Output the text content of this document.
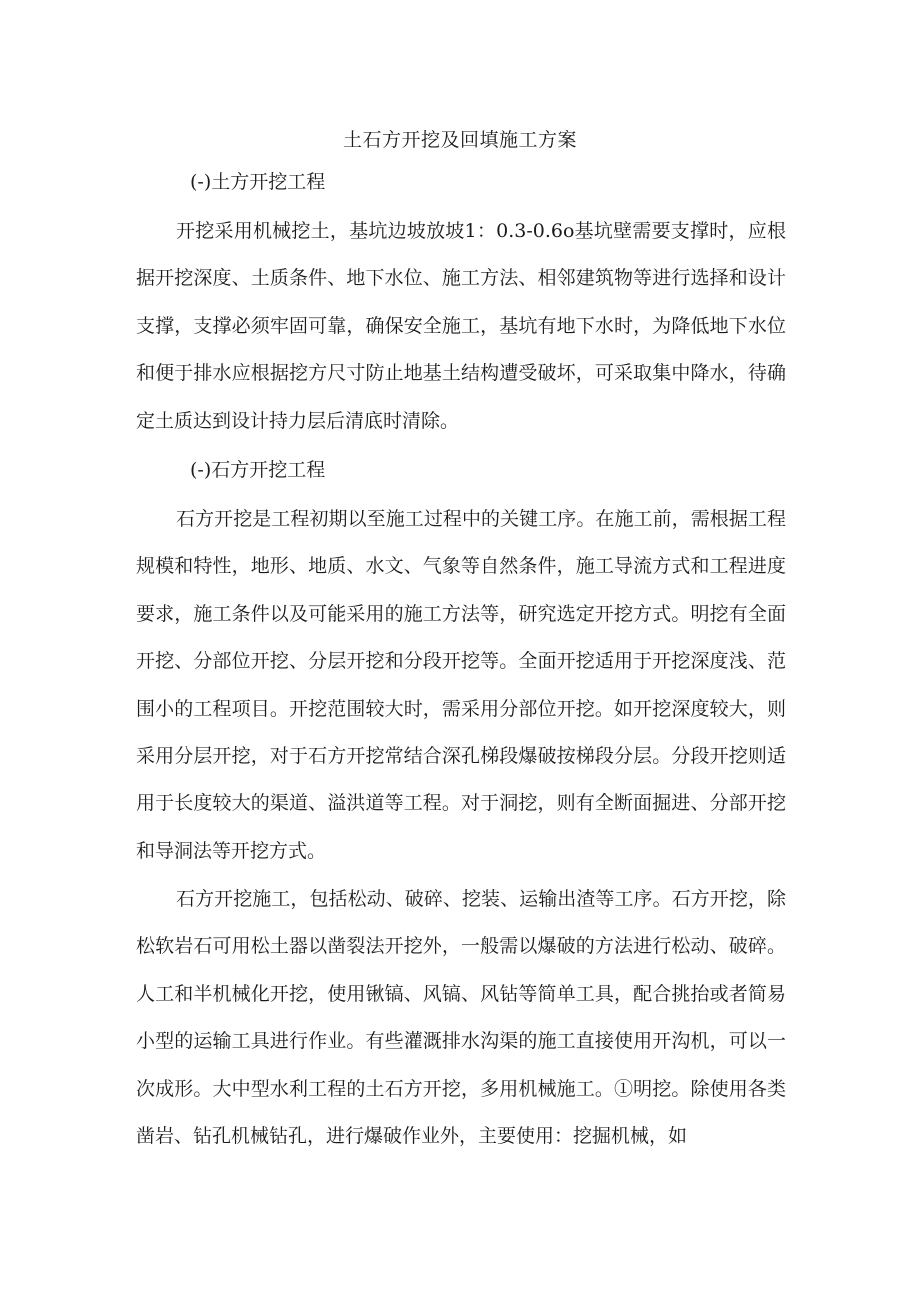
土石方开挖及回填施工方案
(-)土方开挖工程

开挖采用机械挖土，基坑边坡放坡1：0.3-0.6o基坑壁需要支撑时，应根据开挖深度、土质条件、地下水位、施工方法、相邻建筑物等进行选择和设计支撑，支撑必须牢固可靠，确保安全施工，基坑有地下水时，为降低地下水位和便于排水应根据挖方尺寸防止地基土结构遭受破坏，可采取集中降水，待确定土质达到设计持力层后清底时清除。

(-)石方开挖工程

石方开挖是工程初期以至施工过程中的关键工序。在施工前，需根据工程规模和特性，地形、地质、水文、气象等自然条件，施工导流方式和工程进度要求，施工条件以及可能采用的施工方法等，研究选定开挖方式。明挖有全面开挖、分部位开挖、分层开挖和分段开挖等。全面开挖适用于开挖深度浅、范围小的工程项目。开挖范围较大时，需采用分部位开挖。如开挖深度较大，则采用分层开挖，对于石方开挖常结合深孔梯段爆破按梯段分层。分段开挖则适用于长度较大的渠道、溢洪道等工程。对于洞挖，则有全断面掘进、分部开挖和导洞法等开挖方式。

石方开挖施工，包括松动、破碎、挖装、运输出渣等工序。石方开挖，除松软岩石可用松土器以凿裂法开挖外，一般需以爆破的方法进行松动、破碎。人工和半机械化开挖，使用锹镐、风镐、风钻等简单工具，配合挑抬或者简易小型的运输工具进行作业。有些灌溉排水沟渠的施工直接使用开沟机，可以一次成形。大中型水利工程的土石方开挖，多用机械施工。①明挖。除使用各类凿岩、钻孔机械钻孔，进行爆破作业外，主要使用：挖掘机械，如
